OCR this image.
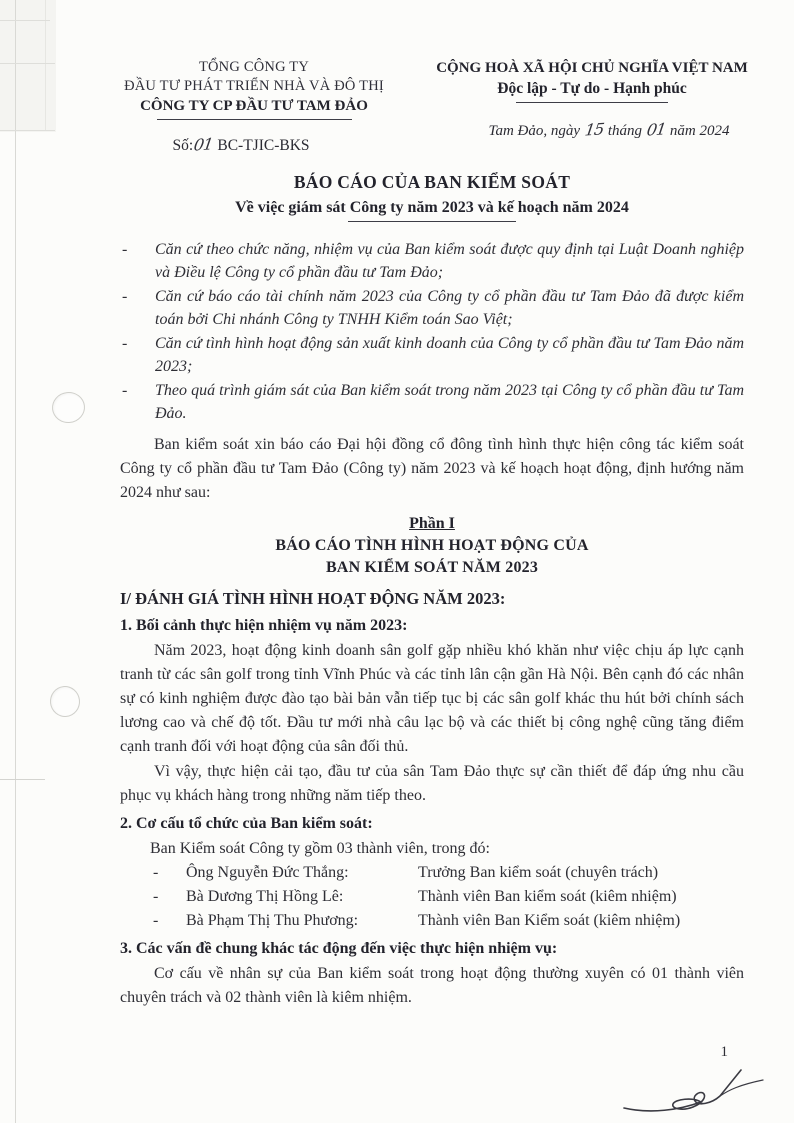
TỔNG CÔNG TY
ĐẦU TƯ PHÁT TRIỂN NHÀ VÀ ĐÔ THỊ
CÔNG TY CP ĐẦU TƯ TAM ĐẢO
Số:01 BC-TJIC-BKS
CỘNG HOÀ XÃ HỘI CHỦ NGHĨA VIỆT NAM
Độc lập - Tự do - Hạnh phúc
Tam Đảo, ngày 15 tháng 01 năm 2024
BÁO CÁO CỦA BAN KIỂM SOÁT
Về việc giám sát Công ty năm 2023 và kế hoạch năm 2024
-	Căn cứ theo chức năng, nhiệm vụ của Ban kiểm soát được quy định tại Luật Doanh nghiệp và Điều lệ Công ty cổ phần đầu tư Tam Đảo;
-	Căn cứ báo cáo tài chính năm 2023 của Công ty cổ phần đầu tư Tam Đảo đã được kiểm toán bởi Chi nhánh Công ty TNHH Kiểm toán Sao Việt;
-	Căn cứ tình hình hoạt động sản xuất kinh doanh của Công ty cổ phần đầu tư Tam Đảo năm 2023;
-	Theo quá trình giám sát của Ban kiểm soát trong năm 2023 tại Công ty cổ phần đầu tư Tam Đảo.
Ban kiểm soát xin báo cáo Đại hội đồng cổ đông tình hình thực hiện công tác kiểm soát Công ty cổ phần đầu tư Tam Đảo (Công ty) năm 2023 và kế hoạch hoạt động, định hướng năm 2024 như sau:
Phần I
BÁO CÁO TÌNH HÌNH HOẠT ĐỘNG CỦA
BAN KIỂM SOÁT NĂM 2023
I/ ĐÁNH GIÁ TÌNH HÌNH HOẠT ĐỘNG NĂM 2023:
1. Bối cảnh thực hiện nhiệm vụ năm 2023:
Năm 2023, hoạt động kinh doanh sân golf gặp nhiều khó khăn như việc chịu áp lực cạnh tranh từ các sân golf trong tỉnh Vĩnh Phúc và các tỉnh lân cận gần Hà Nội. Bên cạnh đó các nhân sự có kinh nghiệm được đào tạo bài bản vẫn tiếp tục bị các sân golf khác thu hút bởi chính sách lương cao và chế độ tốt. Đầu tư mới nhà câu lạc bộ và các thiết bị công nghệ cũng tăng điểm cạnh tranh đối với hoạt động của sân đối thủ.
Vì vậy, thực hiện cải tạo, đầu tư của sân Tam Đảo thực sự cần thiết để đáp ứng nhu cầu phục vụ khách hàng trong những năm tiếp theo.
2. Cơ cấu tổ chức của Ban kiểm soát:
Ban Kiểm soát Công ty gồm 03 thành viên, trong đó:
-	Ông Nguyễn Đức Thắng:	Trưởng Ban kiểm soát (chuyên trách)
-	Bà Dương Thị Hồng Lê:	Thành viên Ban kiểm soát (kiêm nhiệm)
-	Bà Phạm Thị Thu Phương:	Thành viên Ban Kiểm soát (kiêm nhiệm)
3. Các vấn đề chung khác tác động đến việc thực hiện nhiệm vụ:
Cơ cấu về nhân sự của Ban kiểm soát trong hoạt động thường xuyên có 01 thành viên chuyên trách và 02 thành viên là kiêm nhiệm.
1
